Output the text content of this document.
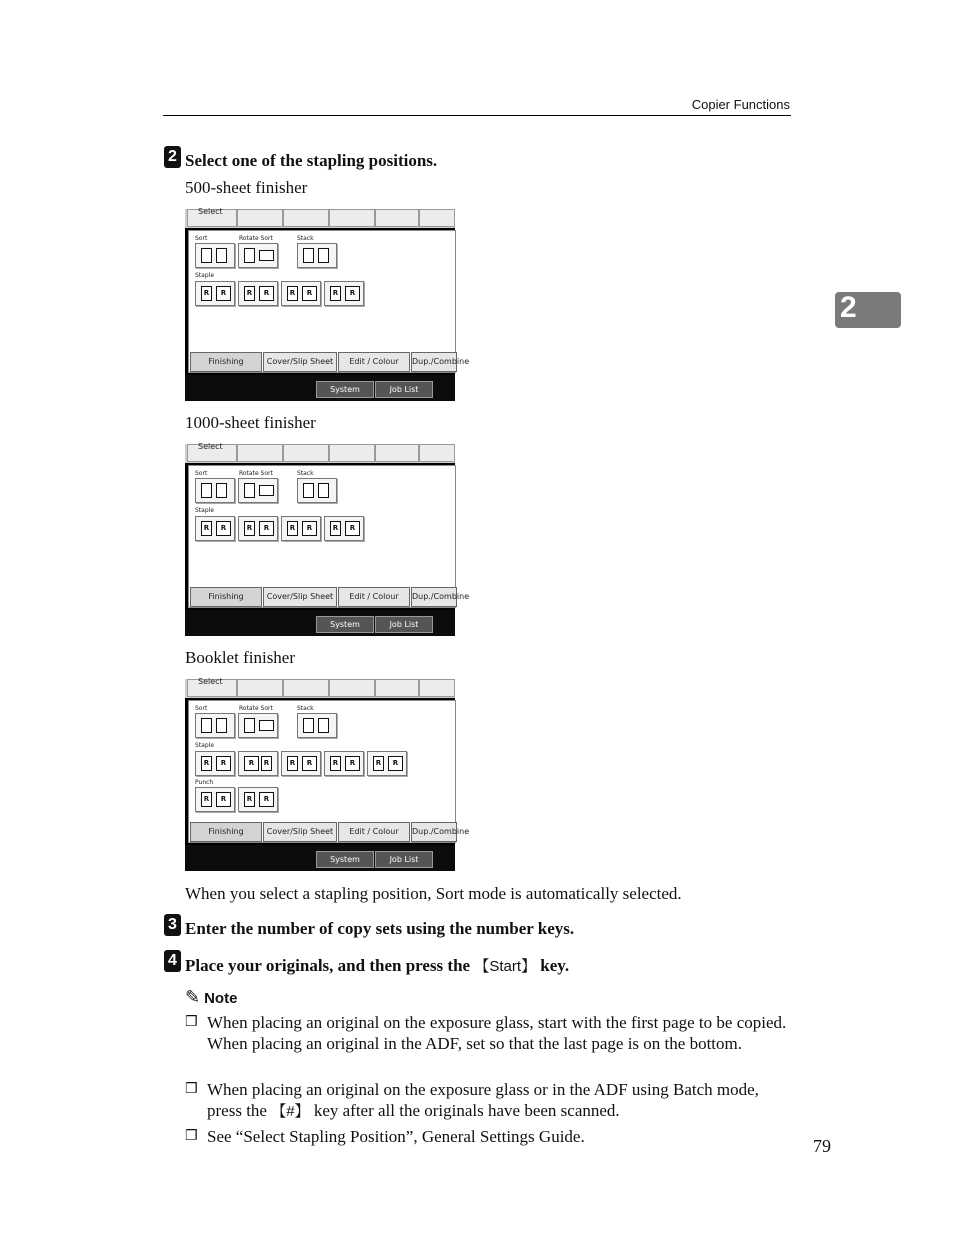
Copier Functions
2
2 Select one of the stapling positions.
500-sheet finisher
Select
Sort	Rotate Sort	Stack
Staple
R	R	R	R	R	R	R	R
Finishing	Cover/Slip Sheet	Edit / Colour	Dup./Combine
System Status
Job List
1000-sheet finisher
Select
Sort	Rotate Sort	Stack
Staple
R	R	R	R	R	R	R	R
Finishing	Cover/Slip Sheet	Edit / Colour	Dup./Combine
System Status
Job List
Booklet finisher
Select
Sort	Rotate Sort	Stack
Staple
R	R	R	R	R	R	R	R	R	R
Punch
R	R	R	R
Finishing	Cover/Slip Sheet	Edit / Colour	Dup./Combine
System Status
Job List
When you select a stapling position, Sort mode is automatically selected.
3 Enter the number of copy sets using the number keys.
4 Place your originals, and then press the 【Start】 key.
✎ Note
❒ When placing an original on the exposure glass, start with the first page to be copied. When placing an original in the ADF, set so that the last page is on the bottom.
❒ When placing an original on the exposure glass or in the ADF using Batch mode, press the 【#】 key after all the originals have been scanned.
❒ See “Select Stapling Position”, General Settings Guide.	79
